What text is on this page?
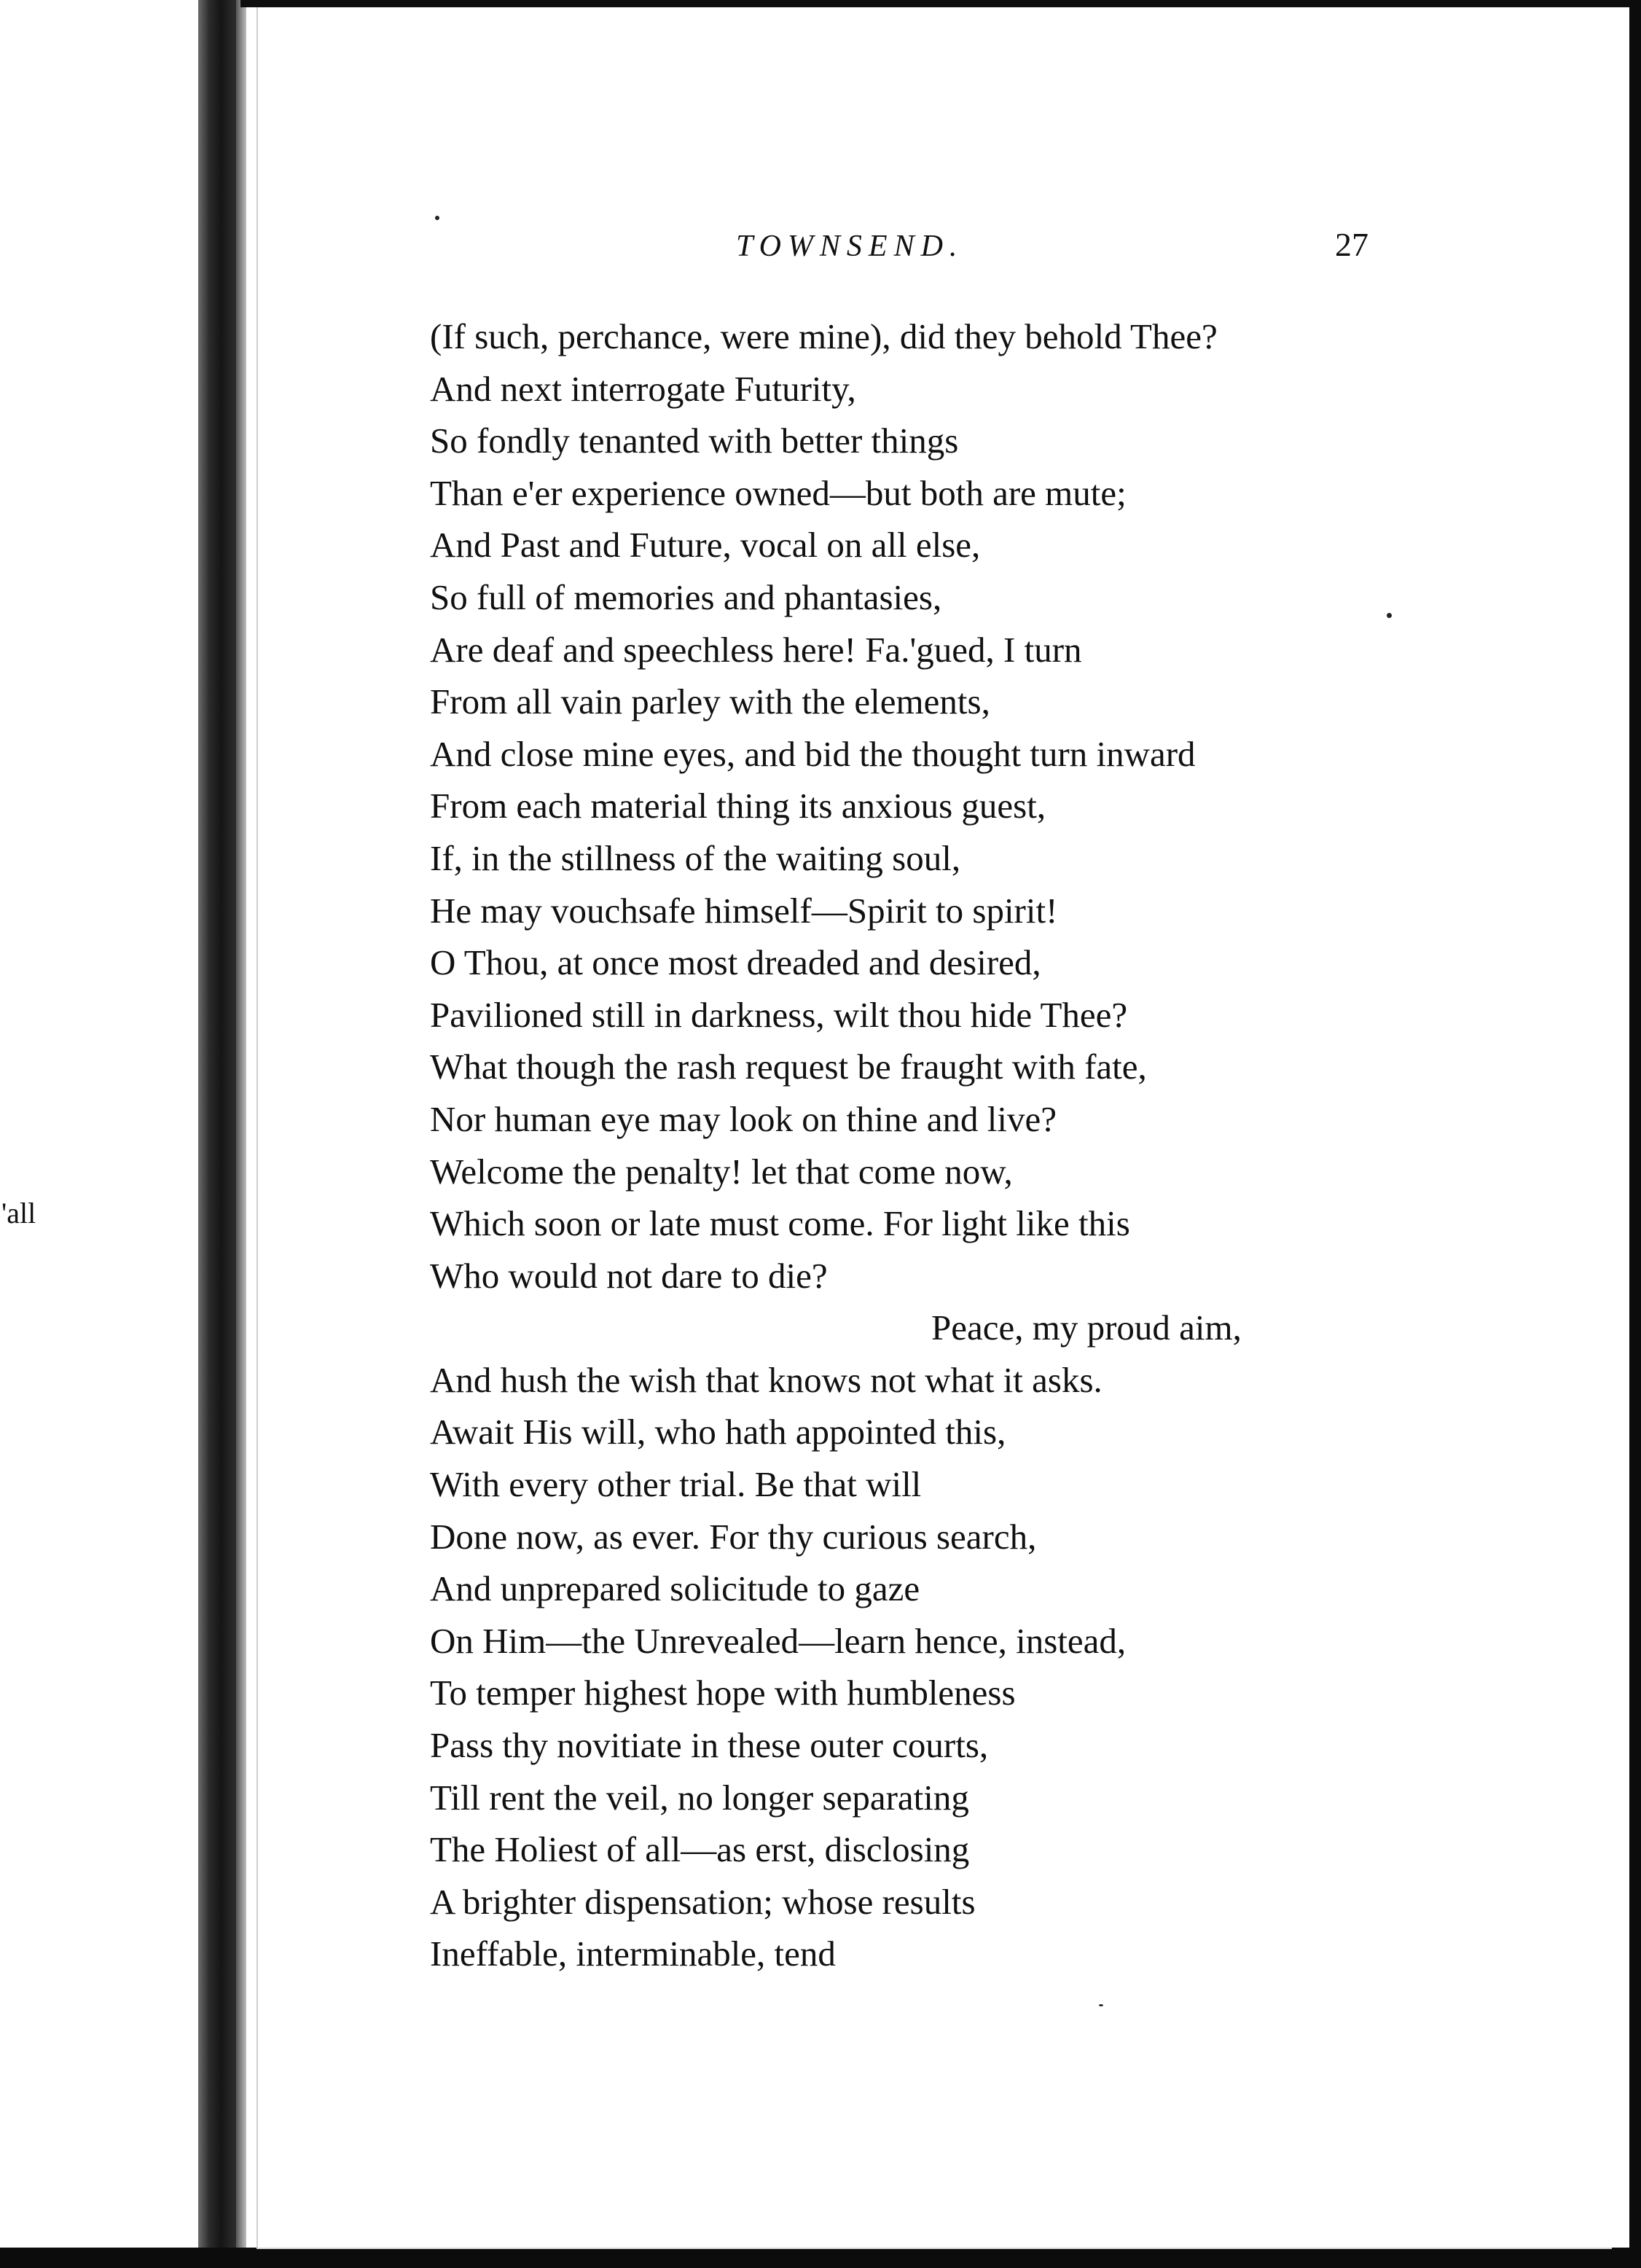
'all
TOWNSEND.	27
(If such, perchance, were mine), did they behold Thee?
And next interrogate Futurity,
So fondly tenanted with better things
Than e'er experience owned—but both are mute;
And Past and Future, vocal on all else,
So full of memories and phantasies,
Are deaf and speechless here! Fa.'gued, I turn
From all vain parley with the elements,
And close mine eyes, and bid the thought turn inward
From each material thing its anxious guest,
If, in the stillness of the waiting soul,
He may vouchsafe himself—Spirit to spirit!
O Thou, at once most dreaded and desired,
Pavilioned still in darkness, wilt thou hide Thee?
What though the rash request be fraught with fate,
Nor human eye may look on thine and live?
Welcome the penalty! let that come now,
Which soon or late must come. For light like this
Who would not dare to die?
Peace, my proud aim,
And hush the wish that knows not what it asks.
Await His will, who hath appointed this,
With every other trial. Be that will
Done now, as ever. For thy curious search,
And unprepared solicitude to gaze
On Him—the Unrevealed—learn hence, instead,
To temper highest hope with humbleness
Pass thy novitiate in these outer courts,
Till rent the veil, no longer separating
The Holiest of all—as erst, disclosing
A brighter dispensation; whose results
Ineffable, interminable, tend
